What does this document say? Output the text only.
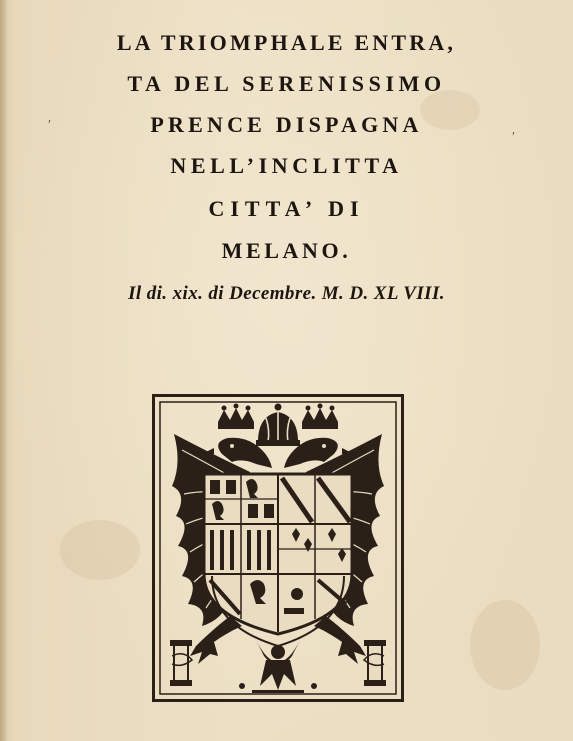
′
′
LA TRIOMPHALE ENTRA,
TA DEL SERENISSIMO
PRENCE DISPAGNA
NELL’INCLITTA
CITTA’ DI
MELANO.
Il di. xix. di Decembre. M. D. XL VIII.
